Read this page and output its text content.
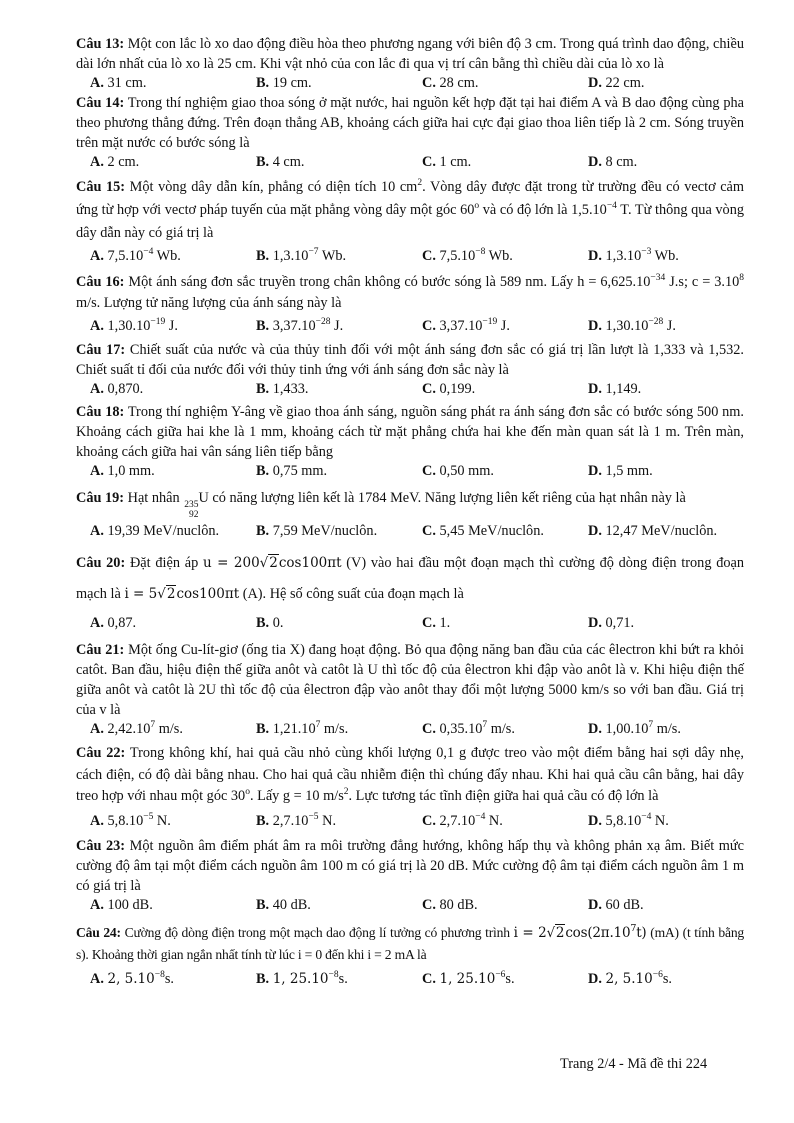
Câu 13: Một con lắc lò xo dao động điều hòa theo phương ngang với biên độ 3 cm. Trong quá trình dao động, chiều dài lớn nhất của lò xo là 25 cm. Khi vật nhỏ của con lắc đi qua vị trí cân bằng thì chiều dài của lò xo là
A. 31 cm.	B. 19 cm.	C. 28 cm.	D. 22 cm.
Câu 14: Trong thí nghiệm giao thoa sóng ở mặt nước, hai nguồn kết hợp đặt tại hai điểm A và B dao động cùng pha theo phương thẳng đứng. Trên đoạn thẳng AB, khoảng cách giữa hai cực đại giao thoa liên tiếp là 2 cm. Sóng truyền trên mặt nước có bước sóng là
A. 2 cm.	B. 4 cm.	C. 1 cm.	D. 8 cm.
Câu 15: Một vòng dây dẫn kín, phẳng có diện tích 10 $cm^2$. Vòng dây được đặt trong từ trường đều có vectơ cảm ứng từ hợp với vectơ pháp tuyến của mặt phẳng vòng dây một góc 60$^o$ và có độ lớn là $1,5.10^{-4}$ T. Từ thông qua vòng dây dẫn này có giá trị là
A. $7,5.10^{-4}$ Wb.	B. $1,3.10^{-7}$ Wb.	C. $7,5.10^{-8}$ Wb.	D. $1,3.10^{-3}$ Wb.
Câu 16: Một ánh sáng đơn sắc truyền trong chân không có bước sóng là 589 nm. Lấy $h = 6,625.10^{-34}$ J.s; $c = 3.10^8$ m/s. Lượng tử năng lượng của ánh sáng này là
A. $1,30.10^{-19}$ J.	B. $3,37.10^{-28}$ J.	C. $3,37.10^{-19}$ J.	D. $1,30.10^{-28}$ J.
Câu 17: Chiết suất của nước và của thủy tinh đối với một ánh sáng đơn sắc có giá trị lần lượt là 1,333 và 1,532. Chiết suất tỉ đối của nước đối với thủy tinh ứng với ánh sáng đơn sắc này là
A. 0,870.	B. 1,433.	C. 0,199.	D. 1,149.
Câu 18: Trong thí nghiệm Y-âng về giao thoa ánh sáng, nguồn sáng phát ra ánh sáng đơn sắc có bước sóng 500 nm. Khoảng cách giữa hai khe là 1 mm, khoảng cách từ mặt phẳng chứa hai khe đến màn quan sát là 1 m. Trên màn, khoảng cách giữa hai vân sáng liên tiếp bằng
A. 1,0 mm.	B. 0,75 mm.	C. 0,50 mm.	D. 1,5 mm.
Câu 19: Hạt nhân 235
92
U có năng lượng liên kết là 1784 MeV. Năng lượng liên kết riêng của hạt nhân này là
A. 19,39 MeV/nuclôn.	B. 7,59 MeV/nuclôn.	C. 5,45 MeV/nuclôn.	D. 12,47 MeV/nuclôn.
Câu 20: Đặt điện áp u = 200√2cos100πt (V) vào hai đầu một đoạn mạch thì cường độ dòng điện trong đoạn mạch là i = 5√2cos100πt (A). Hệ số công suất của đoạn mạch là
A. 0,87.	B. 0.	C. 1.	D. 0,71.
Câu 21: Một ống Cu-lít-giơ (ống tia X) đang hoạt động. Bỏ qua động năng ban đầu của các êlectron khi bứt ra khỏi catôt. Ban đầu, hiệu điện thế giữa anôt và catôt là U thì tốc độ của êlectron khi đập vào anôt là v. Khi hiệu điện thế giữa anôt và catôt là 2U thì tốc độ của êlectron đập vào anôt thay đổi một lượng 5000 km/s so với ban đầu. Giá trị của v là
A. 2,42.10$^7$ m/s.	B. 1,21.10$^7$ m/s.	C. 0,35.10$^7$ m/s.	D. 1,00.10$^7$ m/s.
Câu 22: Trong không khí, hai quả cầu nhỏ cùng khối lượng 0,1 g được treo vào một điểm bằng hai sợi dây nhẹ, cách điện, có độ dài bằng nhau. Cho hai quả cầu nhiễm điện thì chúng đẩy nhau. Khi hai quả cầu cân bằng, hai dây treo hợp với nhau một góc 30$^o$. Lấy g = 10 $m/s^2$. Lực tương tác tĩnh điện giữa hai quả cầu có độ lớn là
A. $5,8.10^{-5}$ N.	B. $2,7.10^{-5}$ N.	C. $2,7.10^{-4}$ N.	D. $5,8.10^{-4}$ N.
Câu 23: Một nguồn âm điểm phát âm ra môi trường đẳng hướng, không hấp thụ và không phản xạ âm. Biết mức cường độ âm tại một điểm cách nguồn âm 100 m có giá trị là 20 dB. Mức cường độ âm tại điểm cách nguồn âm 1 m có giá trị là
A. 100 dB.	B. 40 dB.	C. 80 dB.	D. 60 dB.
Câu 24: Cường độ dòng điện trong một mạch dao động lí tưởng có phương trình $i = 2√2\cos(2\pi.10^7t)$ (mA) (t tính bằng s). Khoảng thời gian ngắn nhất tính từ lúc i = 0 đến khi i = 2 mA là
A. 2, $5.10^{-8}s$.	B. 1, $25.10^{-8}s$.	C. 1, $25.10^{-6}s$.	D. 2, $5.10^{-6}s$.
Trang 2/4 - Mã đề thi 224
